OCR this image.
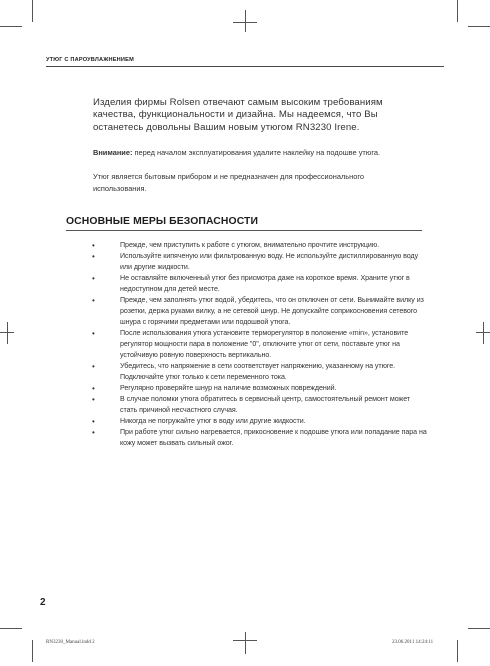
УТЮГ С ПАРОУВЛАЖНЕНИЕМ
Изделия фирмы Rolsen отвечают самым высоким требованиям качества, функциональности и дизайна. Мы надеемся, что Вы останетесь довольны Вашим новым утюгом RN3230 Irene.
Внимание: перед началом эксплуатирования удалите наклейку на подошве утюга.
Утюг является бытовым прибором и не предназначен для профессионального использования.
ОСНОВНЫЕ МЕРЫ БЕЗОПАСНОСТИ
•	Прежде, чем приступить к работе с утюгом, внимательно прочтите инструкцию.
•	Используйте кипяченую или фильтрованную воду. Не используйте дистиллированную воду или другие жидкости.
•	Не оставляйте включенный утюг без присмотра даже на короткое время. Храните утюг в недоступном для детей месте.
•	Прежде, чем заполнять утюг водой, убедитесь, что он отключен от сети. Вынимайте вилку из розетки, держа руками вилку, а не сетевой шнур. Не допускайте соприкосновения сетевого шнура с горячими предметами или подошвой утюга.
•	После использования утюга установите терморегулятор в положение «min», установите регулятор мощности пара в положение "0", отключите утюг от сети, поставьте утюг на устойчивую ровную поверхность вертикально.
•	Убедитесь, что напряжение в сети соответствует напряжению, указанному на утюге. Подключайте утюг только к сети переменного тока.
•	Регулярно проверяйте шнур на наличие возможных повреждений.
•	В случае поломки утюга обратитесь в сервисный центр, самостоятельный ремонт может стать причиной несчастного случая.
•	Никогда не погружайте утюг в воду или другие жидкости.
•	При работе утюг сильно нагревается, прикосновение к подошве утюга или попадание пара на кожу может вызвать сильный ожог.
2
RN3230_Manual.indd 2	23.06.2011 14:24:11
